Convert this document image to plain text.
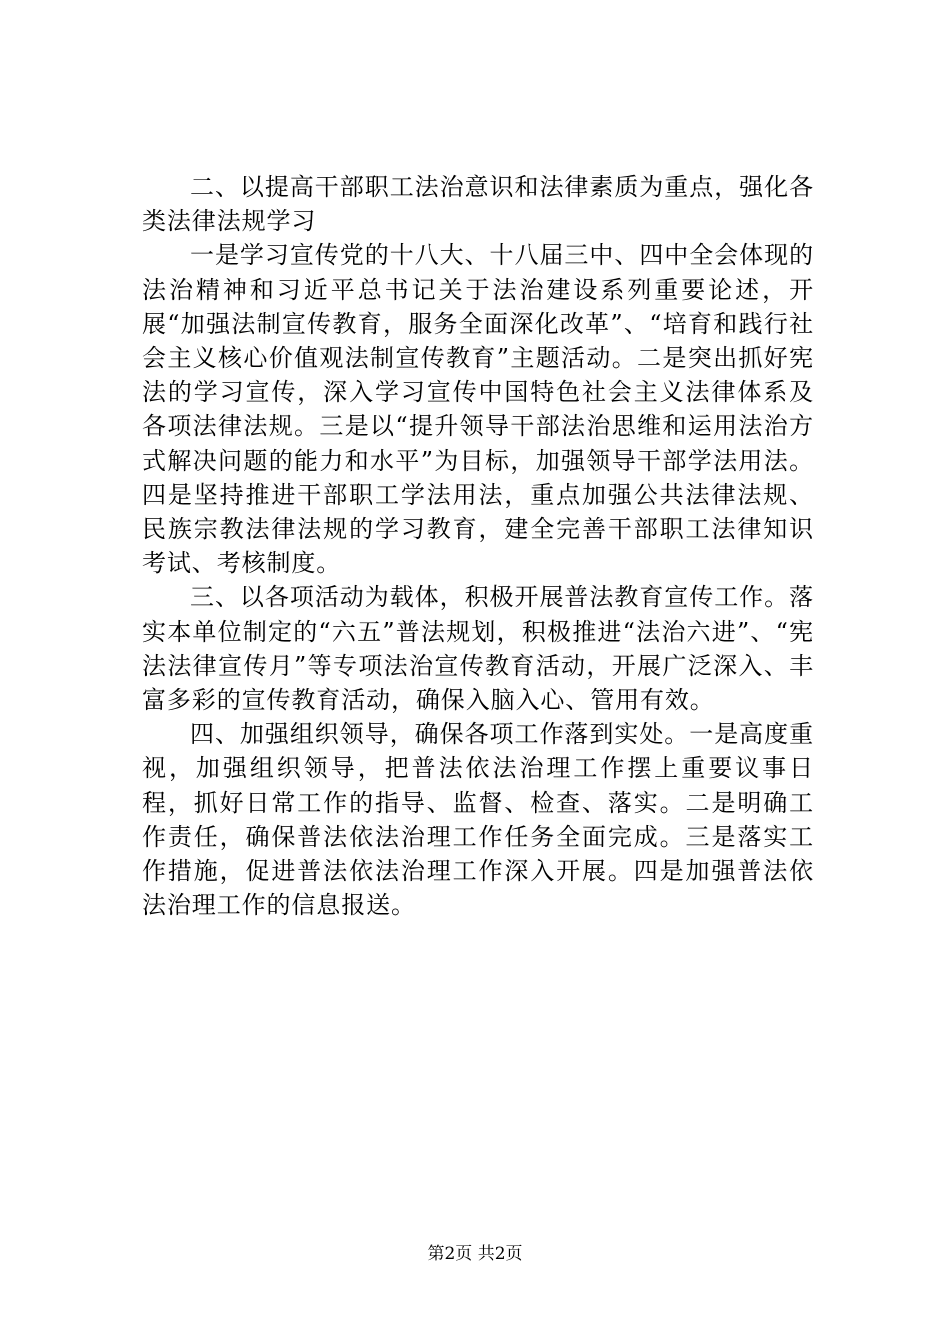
二、以提高干部职工法治意识和法律素质为重点，强化各类法律法规学习

一是学习宣传党的十八大、十八届三中、四中全会体现的法治精神和习近平总书记关于法治建设系列重要论述，开展“加强法制宣传教育，服务全面深化改革”、“培育和践行社会主义核心价值观法制宣传教育”主题活动。二是突出抓好宪法的学习宣传，深入学习宣传中国特色社会主义法律体系及各项法律法规。三是以“提升领导干部法治思维和运用法治方式解决问题的能力和水平”为目标，加强领导干部学法用法。四是坚持推进干部职工学法用法，重点加强公共法律法规、民族宗教法律法规的学习教育，建全完善干部职工法律知识考试、考核制度。

三、以各项活动为载体，积极开展普法教育宣传工作。落实本单位制定的“六五”普法规划，积极推进“法治六进”、“宪法法律宣传月”等专项法治宣传教育活动，开展广泛深入、丰富多彩的宣传教育活动，确保入脑入心、管用有效。

四、加强组织领导，确保各项工作落到实处。一是高度重视，加强组织领导，把普法依法治理工作摆上重要议事日程，抓好日常工作的指导、监督、检查、落实。二是明确工作责任，确保普法依法治理工作任务全面完成。三是落实工作措施，促进普法依法治理工作深入开展。四是加强普法依法治理工作的信息报送。

第2页 共2页
